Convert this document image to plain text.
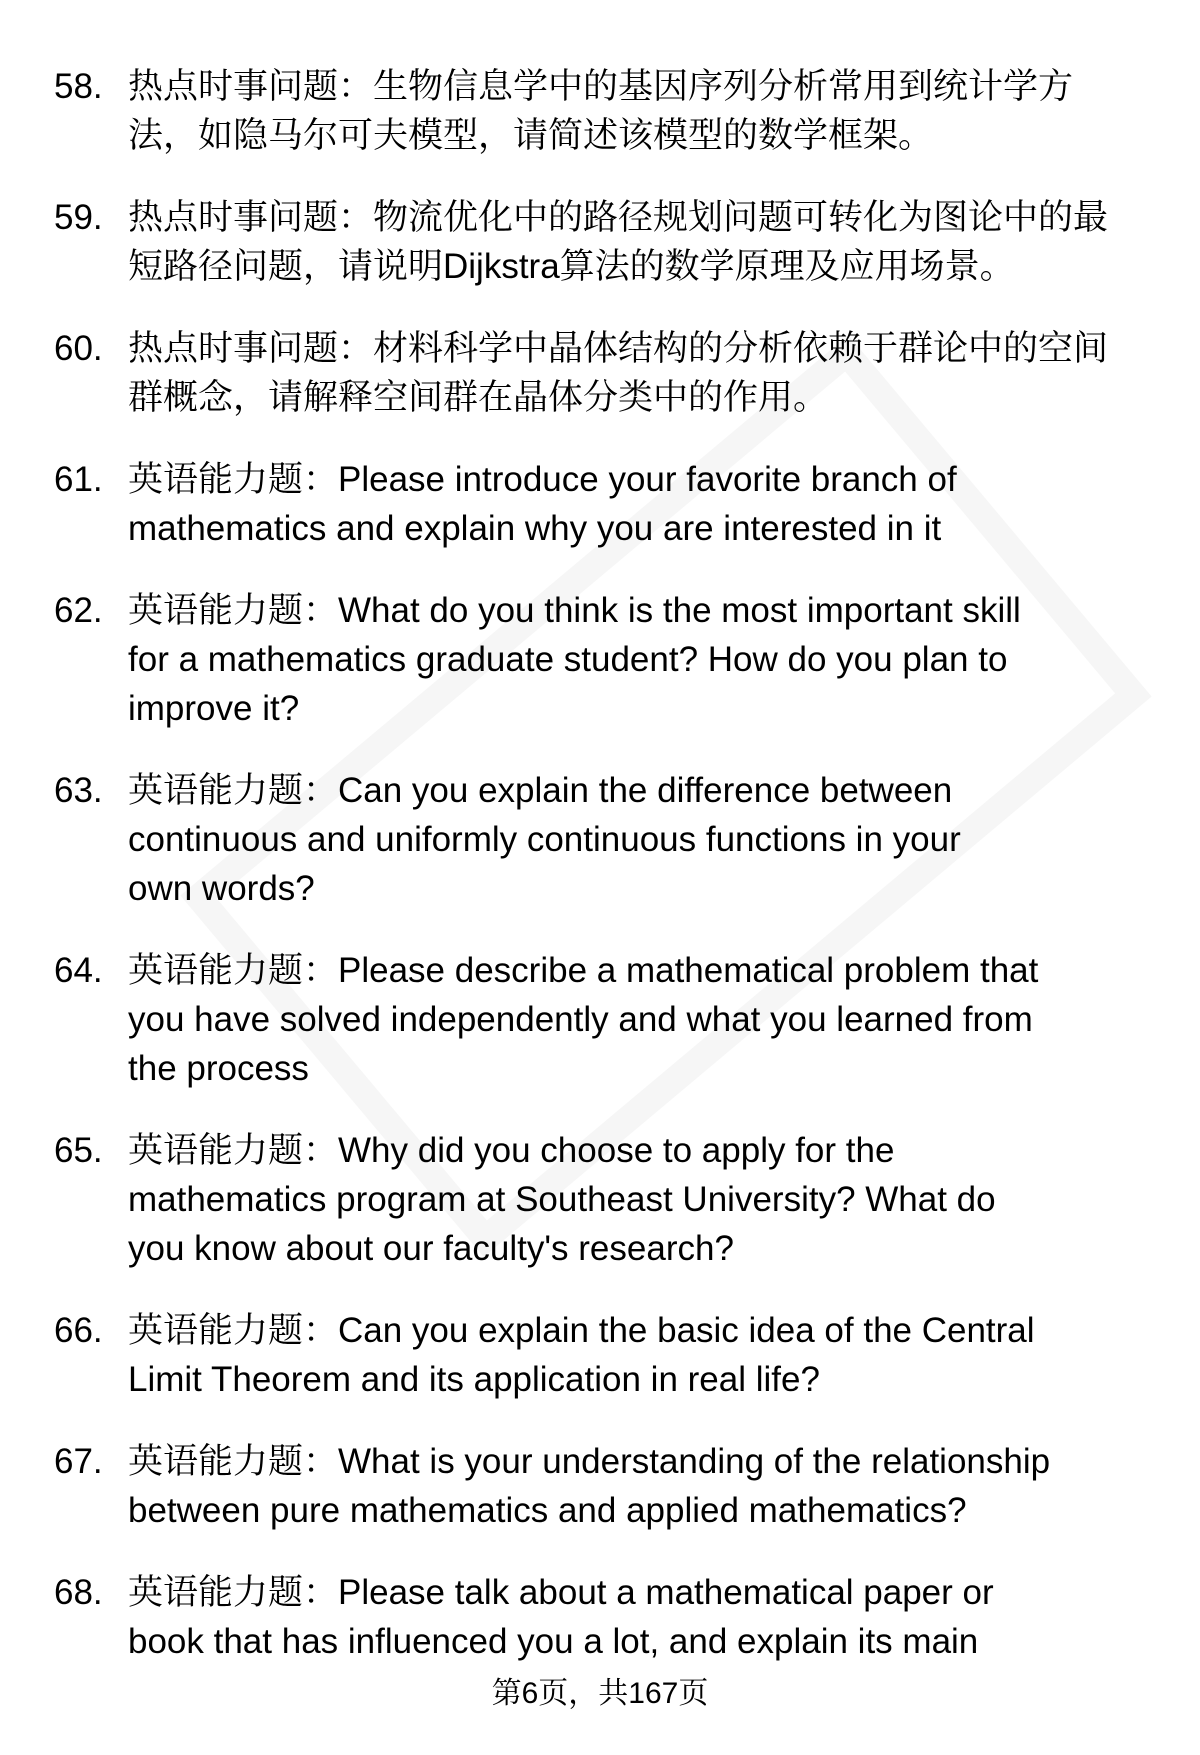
58. 热点时事问题：生物信息学中的基因序列分析常用到统计学方
法，如隐马尔可夫模型，请简述该模型的数学框架。
59. 热点时事问题：物流优化中的路径规划问题可转化为图论中的最
短路径问题，请说明Dijkstra算法的数学原理及应用场景。
60. 热点时事问题：材料科学中晶体结构的分析依赖于群论中的空间
群概念，请解释空间群在晶体分类中的作用。
61. 英语能力题：Please introduce your favorite branch of
mathematics and explain why you are interested in it
62. 英语能力题：What do you think is the most important skill
for a mathematics graduate student? How do you plan to
improve it?
63. 英语能力题：Can you explain the difference between
continuous and uniformly continuous functions in your
own words?
64. 英语能力题：Please describe a mathematical problem that
you have solved independently and what you learned from
the process
65. 英语能力题：Why did you choose to apply for the
mathematics program at Southeast University? What do
you know about our faculty's research?
66. 英语能力题：Can you explain the basic idea of the Central
Limit Theorem and its application in real life?
67. 英语能力题：What is your understanding of the relationship
between pure mathematics and applied mathematics?
68. 英语能力题：Please talk about a mathematical paper or
book that has influenced you a lot, and explain its main
第6页，共167页
